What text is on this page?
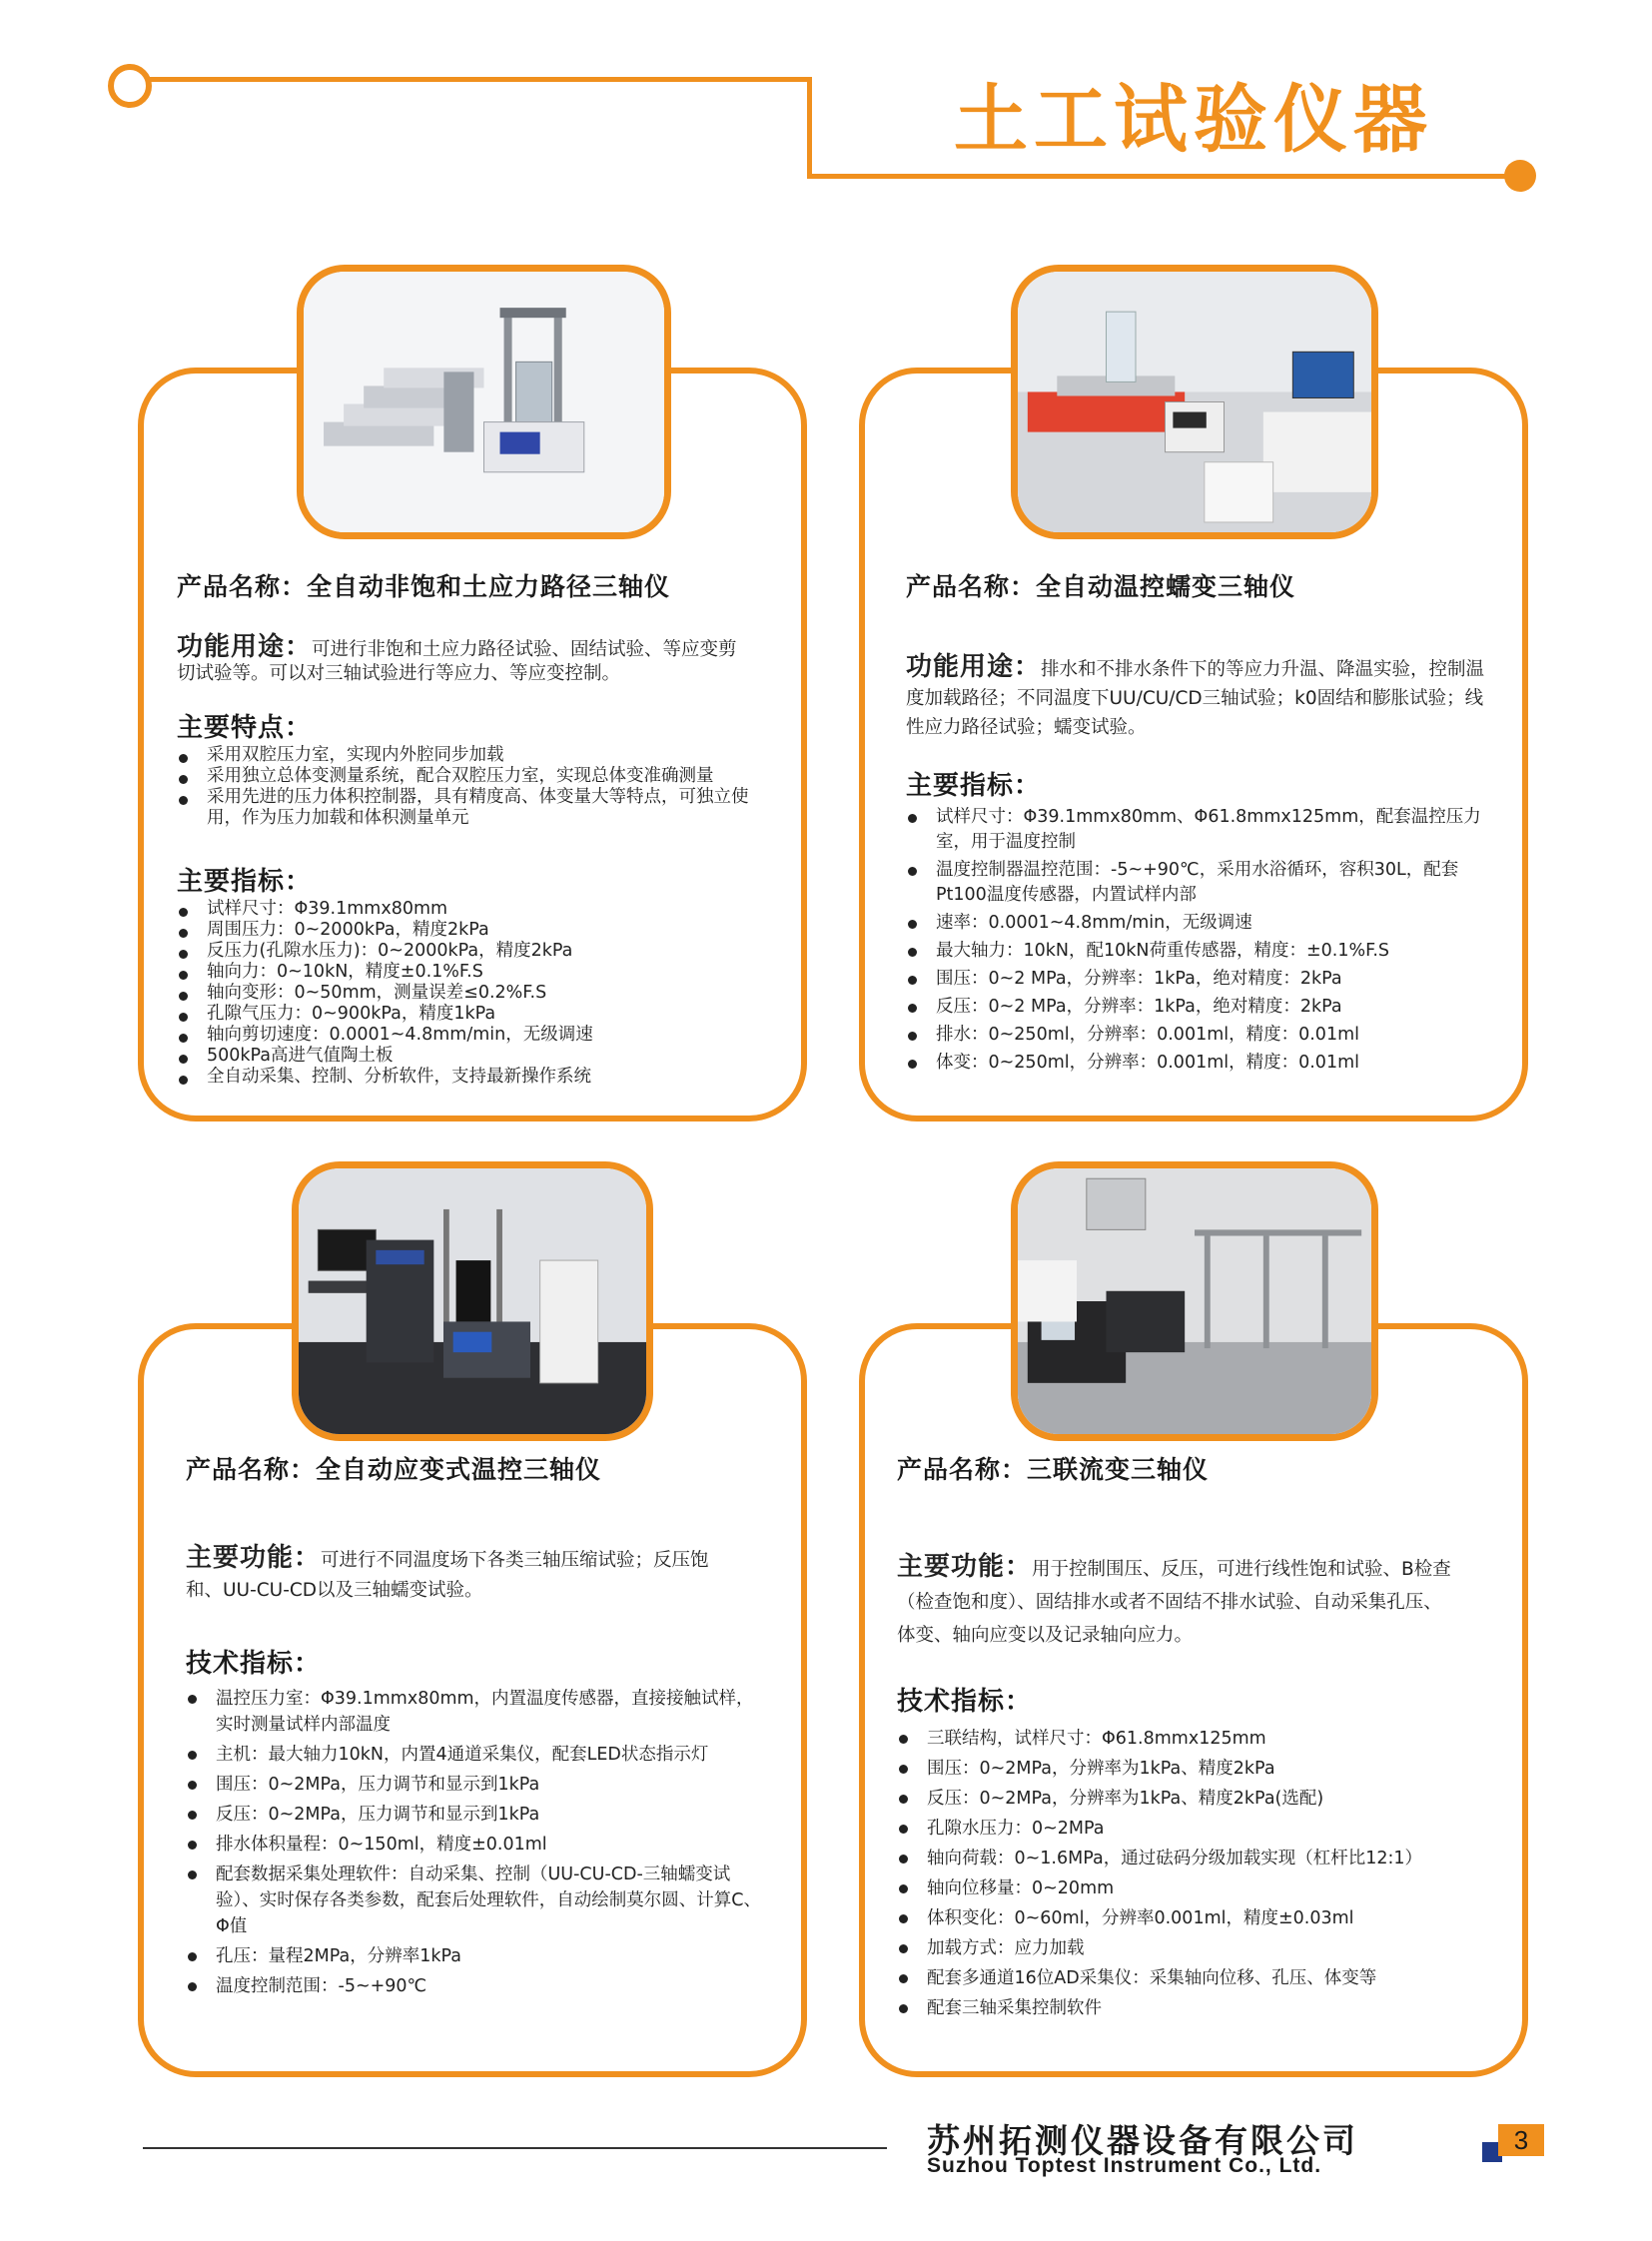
土工试验仪器
产品名称：全自动非饱和土应力路径三轴仪
功能用途：可进行非饱和土应力路径试验、固结试验、等应变剪切试验等。可以对三轴试验进行等应力、等应变控制。
主要特点：
采用双腔压力室，实现内外腔同步加载
采用独立总体变测量系统，配合双腔压力室，实现总体变准确测量
采用先进的压力体积控制器，具有精度高、体变量大等特点，可独立使用，作为压力加载和体积测量单元
主要指标：
试样尺寸：Φ39.1mmx80mm
周围压力：0~2000kPa，精度2kPa
反压力(孔隙水压力)：0~2000kPa，精度2kPa
轴向力：0~10kN，精度±0.1%F.S
轴向变形：0~50mm，测量误差≤0.2%F.S
孔隙气压力：0~900kPa，精度1kPa
轴向剪切速度：0.0001~4.8mm/min，无级调速
500kPa高进气值陶土板
全自动采集、控制、分析软件，支持最新操作系统
产品名称：全自动温控蠕变三轴仪
功能用途：排水和不排水条件下的等应力升温、降温实验，控制温度加载路径；不同温度下UU/CU/CD三轴试验；k0固结和膨胀试验；线性应力路径试验；蠕变试验。
主要指标：
试样尺寸：Φ39.1mmx80mm、Φ61.8mmx125mm，配套温控压力室，用于温度控制
温度控制器温控范围：-5~+90℃，采用水浴循环，容积30L，配套Pt100温度传感器，内置试样内部
速率：0.0001~4.8mm/min，无级调速
最大轴力：10kN，配10kN荷重传感器，精度：±0.1%F.S
围压：0~2 MPa，分辨率：1kPa，绝对精度：2kPa
反压：0~2 MPa，分辨率：1kPa，绝对精度：2kPa
排水：0~250ml，分辨率：0.001ml，精度：0.01ml
体变：0~250ml，分辨率：0.001ml，精度：0.01ml
产品名称：全自动应变式温控三轴仪
主要功能：可进行不同温度场下各类三轴压缩试验；反压饱和、UU-CU-CD以及三轴蠕变试验。
技术指标：
温控压力室：Φ39.1mmx80mm，内置温度传感器，直接接触试样，实时测量试样内部温度
主机：最大轴力10kN，内置4通道采集仪，配套LED状态指示灯
围压：0~2MPa，压力调节和显示到1kPa
反压：0~2MPa，压力调节和显示到1kPa
排水体积量程：0~150ml，精度±0.01ml
配套数据采集处理软件：自动采集、控制（UU-CU-CD-三轴蠕变试验）、实时保存各类参数，配套后处理软件，自动绘制莫尔圆、计算C、Φ值
孔压：量程2MPa，分辨率1kPa
温度控制范围：-5~+90℃
产品名称：三联流变三轴仪
主要功能：用于控制围压、反压，可进行线性饱和试验、B检查（检查饱和度）、固结排水或者不固结不排水试验、自动采集孔压、体变、轴向应变以及记录轴向应力。
技术指标：
三联结构，试样尺寸：Φ61.8mmx125mm
围压：0~2MPa，分辨率为1kPa、精度2kPa
反压：0~2MPa，分辨率为1kPa、精度2kPa(选配)
孔隙水压力：0~2MPa
轴向荷载：0~1.6MPa，通过砝码分级加载实现（杠杆比12:1）
轴向位移量：0~20mm
体积变化：0~60ml，分辨率0.001ml，精度±0.03ml
加载方式：应力加载
配套多通道16位AD采集仪：采集轴向位移、孔压、体变等
配套三轴采集控制软件
苏州拓测仪器设备有限公司
Suzhou Toptest Instrument Co., Ltd.
3
